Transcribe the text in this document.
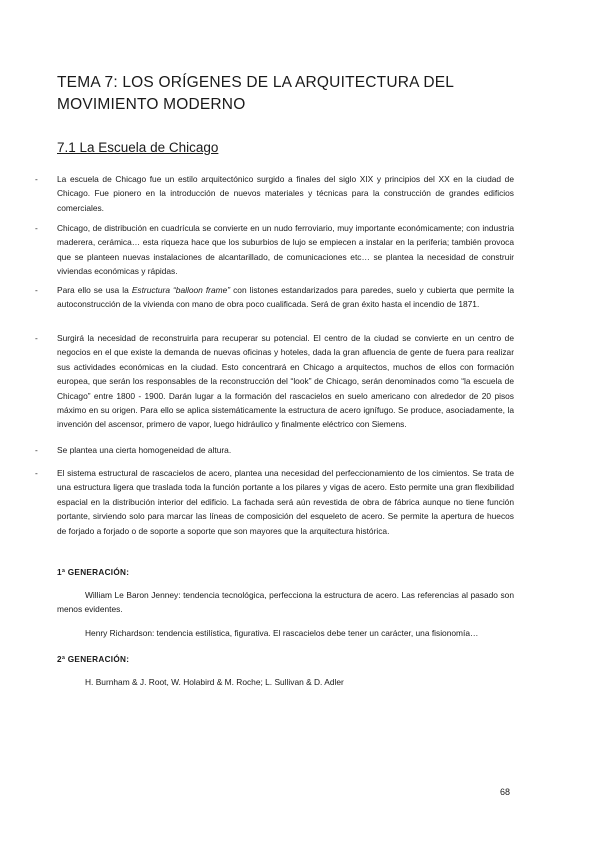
TEMA 7: LOS ORÍGENES DE LA ARQUITECTURA DEL MOVIMIENTO MODERNO
7.1 La Escuela de Chicago
- La escuela de Chicago fue un estilo arquitectónico surgido a finales del siglo XIX y principios del XX en la ciudad de Chicago. Fue pionero en la introducción de nuevos materiales y técnicas para la construcción de grandes edificios comerciales.
- Chicago, de distribución en cuadrícula se convierte en un nudo ferroviario, muy importante económicamente; con industria maderera, cerámica… esta riqueza hace que los suburbios de lujo se empiecen a instalar en la periferia; también provoca que se planteen nuevas instalaciones de alcantarillado, de comunicaciones etc… se plantea la necesidad de construir viviendas económicas y rápidas.
- Para ello se usa la Estructura “balloon frame” con listones estandarizados para paredes, suelo y cubierta que permite la autoconstrucción de la vivienda con mano de obra poco cualificada. Será de gran éxito hasta el incendio de 1871.
- Surgirá la necesidad de reconstruirla para recuperar su potencial. El centro de la ciudad se convierte en un centro de negocios en el que existe la demanda de nuevas oficinas y hoteles, dada la gran afluencia de gente de fuera para realizar sus actividades económicas en la ciudad. Esto concentrará en Chicago a arquitectos, muchos de ellos con formación europea, que serán los responsables de la reconstrucción del “look” de Chicago, serán denominados como “la escuela de Chicago” entre 1800 - 1900. Darán lugar a la formación del rascacielos en suelo americano con alrededor de 20 pisos máximo en su origen. Para ello se aplica sistemáticamente la estructura de acero ignífugo. Se produce, asociadamente, la invención del ascensor, primero de vapor, luego hidráulico y finalmente eléctrico con Siemens.
- Se plantea una cierta homogeneidad de altura.
- El sistema estructural de rascacielos de acero, plantea una necesidad del perfeccionamiento de los cimientos. Se trata de una estructura ligera que traslada toda la función portante a los pilares y vigas de acero. Esto permite una gran flexibilidad espacial en la distribución interior del edificio. La fachada será aún revestida de obra de fábrica aunque no tiene función portante, sirviendo solo para marcar las líneas de composición del esqueleto de acero. Se permite la apertura de huecos de forjado a forjado o de soporte a soporte que son mayores que la arquitectura histórica.
1ª GENERACIÓN:
William Le Baron Jenney: tendencia tecnológica, perfecciona la estructura de acero. Las referencias al pasado son menos evidentes.
Henry Richardson: tendencia estilística, figurativa. El rascacielos debe tener un carácter, una fisionomía…
2ª GENERACIÓN:
H. Burnham & J. Root, W. Holabird & M. Roche; L. Sullivan & D. Adler
68
